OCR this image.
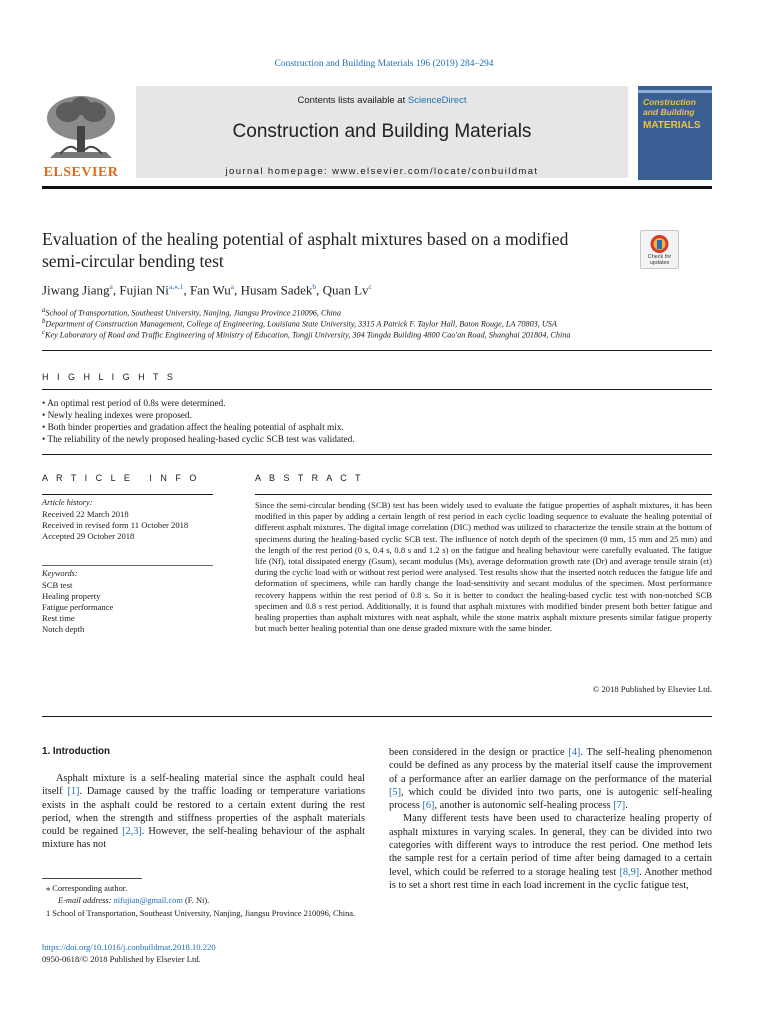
Construction and Building Materials 196 (2019) 284–294
ELSEVIER
Contents lists available at ScienceDirect
Construction and Building Materials
journal homepage: www.elsevier.com/locate/conbuildmat
Construction and Building
MATERIALS
Evaluation of the healing potential of asphalt mixtures based on a modified semi-circular bending test	Check for updates
Jiwang Jiang$^a$, Fujian $Ni^{a,⁎,1}$, Fan Wu$^a$, Husam Sadek$^b$, Quan Lv$^c$
$^a$School of Transportation, Southeast University, Nanjing, Jiangsu Province 210096, China
$^b$Department of Construction Management, College of Engineering, Louisiana State University, 3315 A Patrick F. Taylor Hall, Baton Rouge, LA 70803, USA
$^c$Key Laboratory of Road and Traffic Engineering of Ministry of Education, Tongji University, 304 Tongda Building 4800 Cao'an Road, Shanghai 201804, China
H I G H L I G H T S
• An optimal rest period of 0.8s were determined.
• Newly healing indexes were proposed.
• Both binder properties and gradation affect the healing potential of asphalt mix.
• The reliability of the newly proposed healing-based cyclic SCB test was validated.
A R T I C L E   I N F O	A B S T R A C T
Article history:
Received 22 March 2018
Received in revised form 11 October 2018
Accepted 29 October 2018
Keywords:
SCB test
Healing property
Fatigue performance
Rest time
Notch depth
Since the semi-circular bending (SCB) test has been widely used to evaluate the fatigue properties of asphalt mixtures, it has been modified in this paper by adding a certain length of rest period in each cyclic loading sequence to evaluate the healing potential of different asphalt mixtures. The digital image correlation (DIC) method was utilized to characterize the tensile strain at the bottom of specimens during the healing-based cyclic SCB test. The influence of notch depth of the specimen (0 mm, 15 mm and 25 mm) and the length of the rest period (0 s, 0.4 s, 0.8 s and 1.2 s) on the fatigue and healing behaviour were carefully evaluated. The fatigue life (Nf), total dissipated energy (Gsum), secant modulus (Ms), average deformation growth rate (Dr) and average tensile strain (εt) during the cyclic load with or without rest period were analysed. Test results show that the inserted notch reduces the fatigue life and deformation of specimens, while can hardly change the load-sensitivity and secant modulus of the specimen. Most performance recovery happens within the rest period of 0.8 s. So it is better to conduct the healing-based cyclic test with non-notched SCB specimen and 0.8 s rest period. Additionally, it is found that asphalt mixtures with modified binder present both better fatigue and healing properties than asphalt mixtures with neat asphalt, while the stone matrix asphalt mixture presents similar fatigue property but much better healing potential than one dense graded mixture with the same binder.
© 2018 Published by Elsevier Ltd.
1. Introduction
Asphalt mixture is a self-healing material since the asphalt could heal itself [1]. Damage caused by the traffic loading or temperature variations exists in the asphalt could be restored to a certain extent during the rest period, when the strength and stiffness properties of the asphalt materials could be regained [2,3]. However, the self-healing behaviour of the asphalt mixture has not
been considered in the design or practice [4]. The self-healing phenomenon could be defined as any process by the material itself cause the improvement of a performance after an earlier damage on the performance of the material [5], which could be divided into two parts, one is autogenic self-healing process [6], another is autonomic self-healing process [7].
Many different tests have been used to characterize healing property of asphalt mixtures in varying scales. In general, they can be divided into two categories with different ways to introduce the rest period. One method lets the sample rest for a certain period of time after being damaged to a certain level, which could be referred to a storage healing test [8,9]. Another method is to set a short rest time in each load increment in the cyclic fatigue test,
⁎ Corresponding author.
E-mail address: nifujian@gmail.com (F. Ni).
1 School of Transportation, Southeast University, Nanjing, Jiangsu Province 210096, China.
https://doi.org/10.1016/j.conbuildmat.2018.10.220
0950-0618/© 2018 Published by Elsevier Ltd.
